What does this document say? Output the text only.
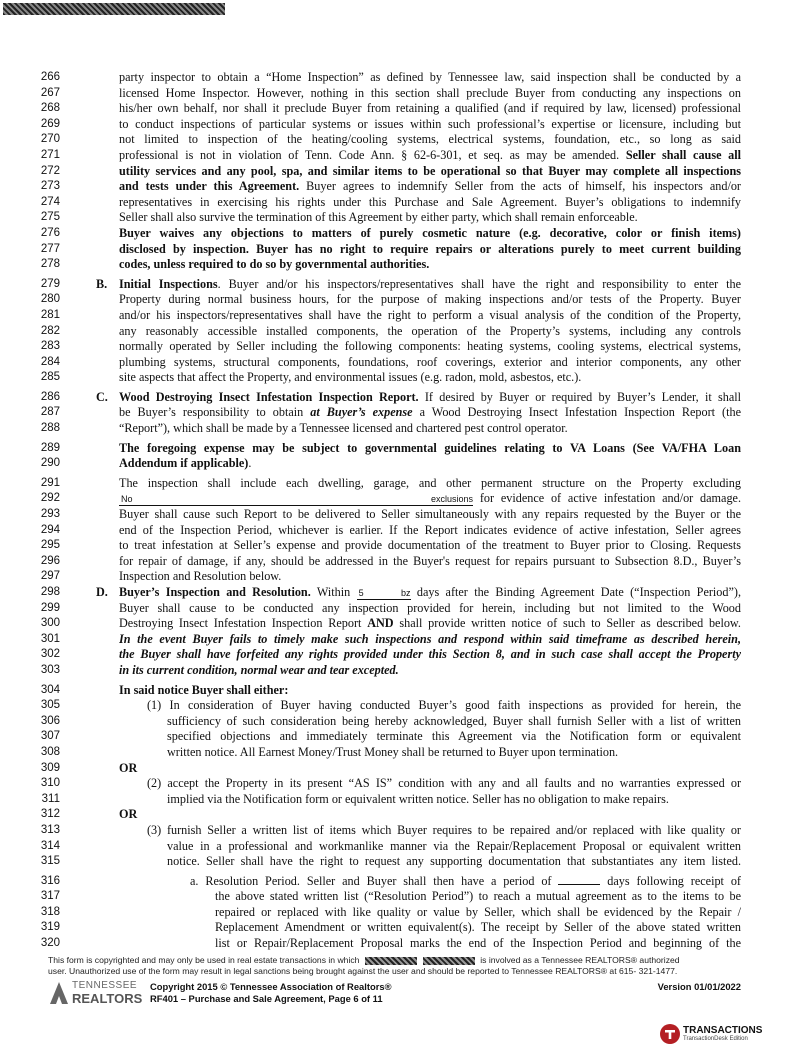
266	party inspector to obtain a “Home Inspection” as defined by Tennessee law, said inspection shall be conducted by a
267	licensed Home Inspector. However, nothing in this section shall preclude Buyer from conducting any inspections on
268	his/her own behalf, nor shall it preclude Buyer from retaining a qualified (and if required by law, licensed) professional
269	to conduct inspections of particular systems or issues within such professional’s expertise or licensure, including but
270	not limited to inspection of the heating/cooling systems, electrical systems, foundation, etc., so long as said
271	professional is not in violation of Tenn. Code Ann. § 62-6-301, et seq. as may be amended. Seller shall cause all
272	utility services and any pool, spa, and similar items to be operational so that Buyer may complete all inspections
273	and tests under this Agreement. Buyer agrees to indemnify Seller from the acts of himself, his inspectors and/or
274	representatives in exercising his rights under this Purchase and Sale Agreement. Buyer’s obligations to indemnify
275	Seller shall also survive the termination of this Agreement by either party, which shall remain enforceable.
276	Buyer waives any objections to matters of purely cosmetic nature (e.g. decorative, color or finish items)
277	disclosed by inspection. Buyer has no right to require repairs or alterations purely to meet current building
278	codes, unless required to do so by governmental authorities.
279	B. Initial Inspections. Buyer and/or his inspectors/representatives shall have the right and responsibility to enter the
280	Property during normal business hours, for the purpose of making inspections and/or tests of the Property. Buyer
281	and/or his inspectors/representatives shall have the right to perform a visual analysis of the condition of the Property,
282	any reasonably accessible installed components, the operation of the Property’s systems, including any controls
283	normally operated by Seller including the following components: heating systems, cooling systems, electrical systems,
284	plumbing systems, structural components, foundations, roof coverings, exterior and interior components, any other
285	site aspects that affect the Property, and environmental issues (e.g. radon, mold, asbestos, etc.).
286	C. Wood Destroying Insect Infestation Inspection Report. If desired by Buyer or required by Buyer’s Lender, it shall
287	be Buyer’s responsibility to obtain at Buyer’s expense a Wood Destroying Insect Infestation Inspection Report (the
288	“Report”), which shall be made by a Tennessee licensed and chartered pest control operator.
289	The foregoing expense may be subject to governmental guidelines relating to VA Loans (See VA/FHA Loan
290	Addendum if applicable).
291	The inspection shall include each dwelling, garage, and other permanent structure on the Property excluding
292	No exclusions for evidence of active infestation and/or damage.
293	Buyer shall cause such Report to be delivered to Seller simultaneously with any repairs requested by the Buyer or the
294	end of the Inspection Period, whichever is earlier. If the Report indicates evidence of active infestation, Seller agrees
295	to treat infestation at Seller’s expense and provide documentation of the treatment to Buyer prior to Closing. Requests
296	for repair of damage, if any, should be addressed in the Buyer's request for repairs pursuant to Subsection 8.D., Buyer’s
297	Inspection and Resolution below.
298	D. Buyer’s Inspection and Resolution. Within 5 bz days after the Binding Agreement Date (“Inspection Period”),
299	Buyer shall cause to be conducted any inspection provided for herein, including but not limited to the Wood
300	Destroying Insect Infestation Inspection Report AND shall provide written notice of such to Seller as described below.
301	In the event Buyer fails to timely make such inspections and respond within said timeframe as described herein,
302	the Buyer shall have forfeited any rights provided under this Section 8, and in such case shall accept the Property
303	in its current condition, normal wear and tear excepted.
304	In said notice Buyer shall either:
305	(1) In consideration of Buyer having conducted Buyer’s good faith inspections as provided for herein, the
306	sufficiency of such consideration being hereby acknowledged, Buyer shall furnish Seller with a list of written
307	specified objections and immediately terminate this Agreement via the Notification form or equivalent
308	written notice. All Earnest Money/Trust Money shall be returned to Buyer upon termination.
309	OR
310	(2) accept the Property in its present “AS IS” condition with any and all faults and no warranties expressed or
311	implied via the Notification form or equivalent written notice. Seller has no obligation to make repairs.
312	OR
313	(3) furnish Seller a written list of items which Buyer requires to be repaired and/or replaced with like quality or
314	value in a professional and workmanlike manner via the Repair/Replacement Proposal or equivalent written
315	notice. Seller shall have the right to request any supporting documentation that substantiates any item listed.
316	a. Resolution Period. Seller and Buyer shall then have a period of	days following receipt of
317	the above stated written list (“Resolution Period”) to reach a mutual agreement as to the items to be
318	repaired or replaced with like quality or value by Seller, which shall be evidenced by the Repair /
319	Replacement Amendment or written equivalent(s). The receipt by Seller of the above stated written
320	list or Repair/Replacement Proposal marks the end of the Inspection Period and beginning of the
This form is copyrighted and may only be used in real estate transactions in which	is involved as a Tennessee REALTORS® authorized
user. Unauthorized use of the form may result in legal sanctions being brought against the user and should be reported to Tennessee REALTORS® at 615- 321-1477.
TENNESSEE
REALTORS
Copyright 2015 © Tennessee Association of Realtors®
RF401 – Purchase and Sale Agreement, Page 6 of 11
Version 01/01/2022
TRANSACTIONS
TransactionDesk Edition
